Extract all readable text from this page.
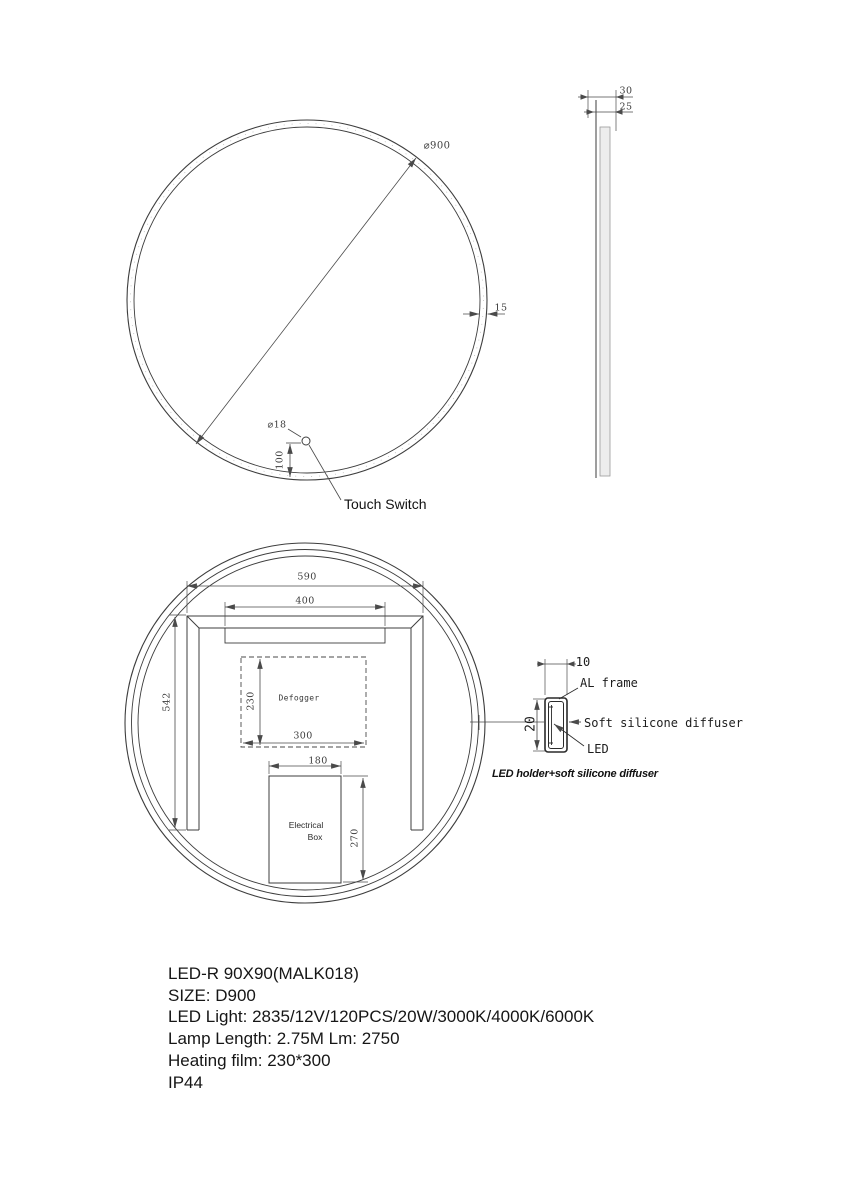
⌀900
15
⌀18
100
Touch Switch
30
25
590
400
542	Defogger
230
300
180
Electrical
Box	270
10
20
AL frame
Soft silicone diffuser
LED
LED holder+soft silicone diffuser
LED-R 90X90(MALK018)
SIZE: D900
LED Light: 2835/12V/120PCS/20W/3000K/4000K/6000K
Lamp Length: 2.75M Lm: 2750
Heating film: 230*300
IP44
